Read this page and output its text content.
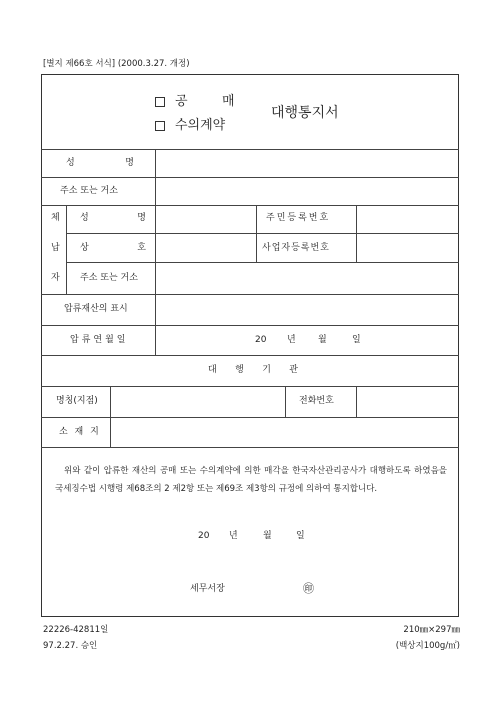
[별지 제66호 서식] (2000.3.27. 개정)
공	매
수의계약
대행통지서
성	명
주소 또는 거소
체
납
자
성	명	주민등록번호
상	호	사업자등록번호
주소 또는 거소
압류재산의 표시
압류연월일	20 년 월	일
대 행 기 관
명칭(지점)	전화번호
소 재 지
위와 같이 압류한 재산의 공매 또는 수의계약에 의한 매각을 한국자산관리공사가 대행하도록 하였음을 국세징수법 시행령 제68조의 2 제2항 또는 제69조 제3항의 규정에 의하여 통지합니다.
20 년	월	일
세무서장	㊞
22226-42811일
97.2.27. 승인
210㎜×297㎜
(백상지100g/㎡)
